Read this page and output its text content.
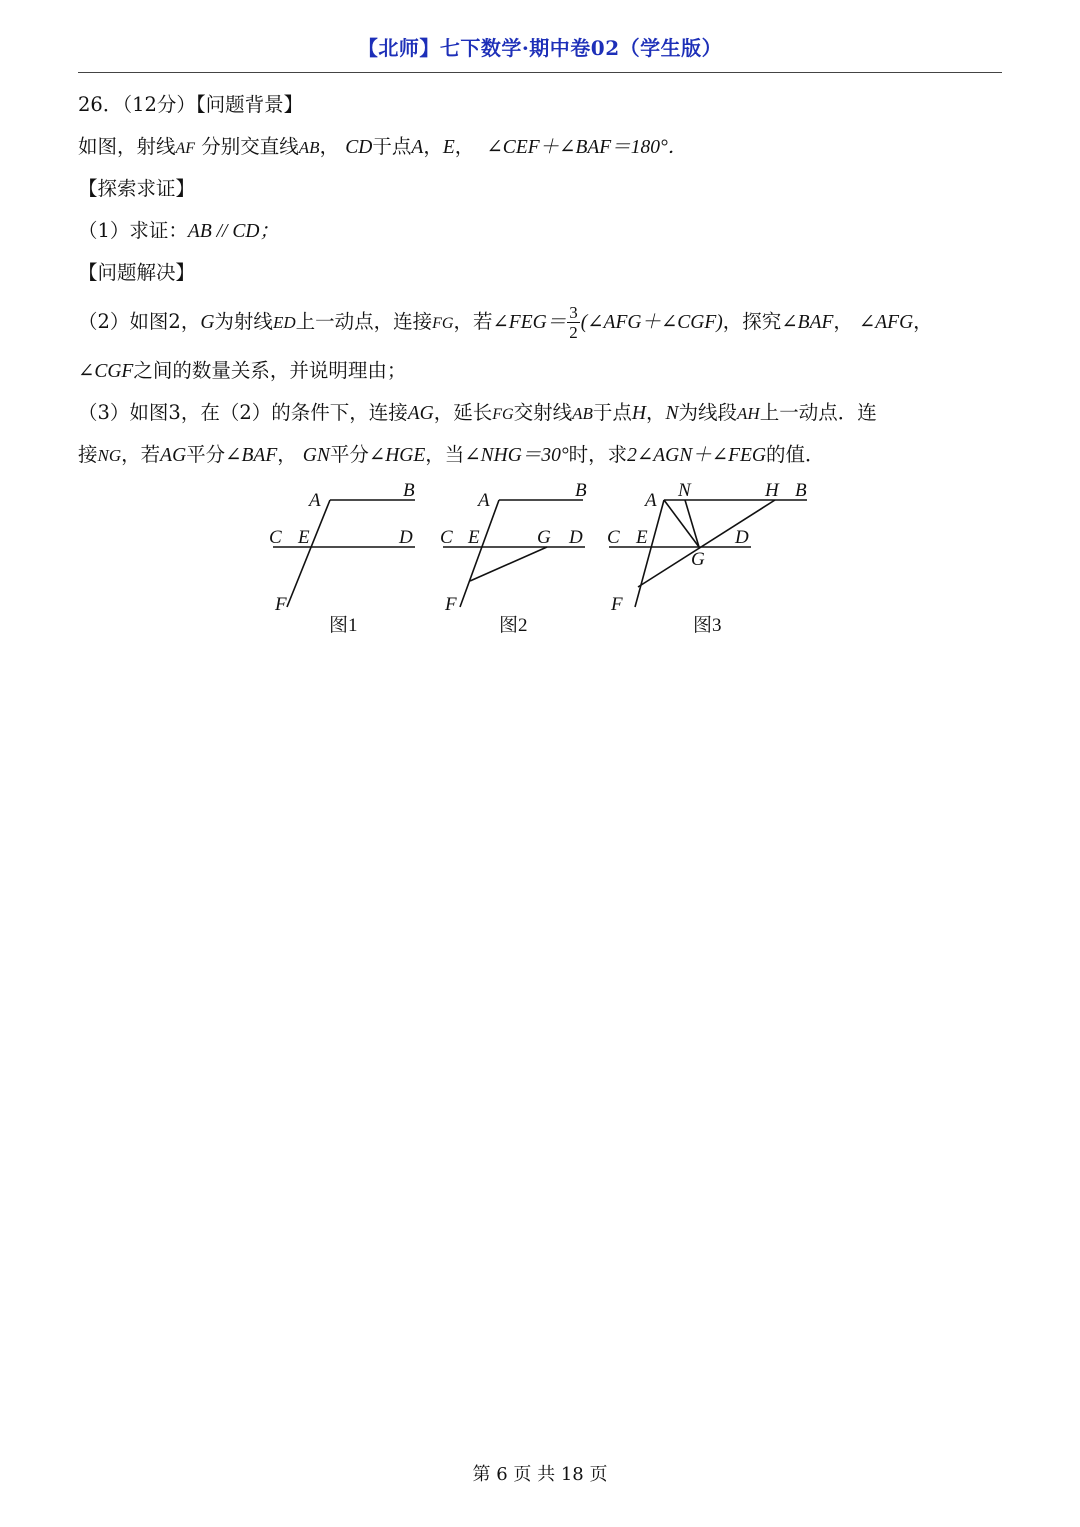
【北师】七下数学·期中卷02（学生版）
26．（12分）【问题背景】
如图，射线AF 分别交直线AB， CD于点A，E， ∠CEF＋∠BAF＝180°．
【探索求证】
（1）求证：AB // CD；
【问题解决】
（2）如图2，G为射线ED上一动点，连接FG，若∠FEG＝ $\frac{3}{2}$ (∠AFG＋∠CGF)，探究∠BAF， ∠AFG，
∠CGF之间的数量关系，并说明理由；
（3）如图3，在（2）的条件下，连接AG，延长FG交射线AB于点H，N为线段AH上一动点．连
接NG，若AG平分∠BAF， GN平分∠HGE，当∠NHG＝30°时，求2∠AGN＋∠FEG的值．
A	B
C E	D
F
图1
A	B
C E	G D
F
图2
A N	H B
C E	D
G
F
图3
第 6 页 共 18 页
